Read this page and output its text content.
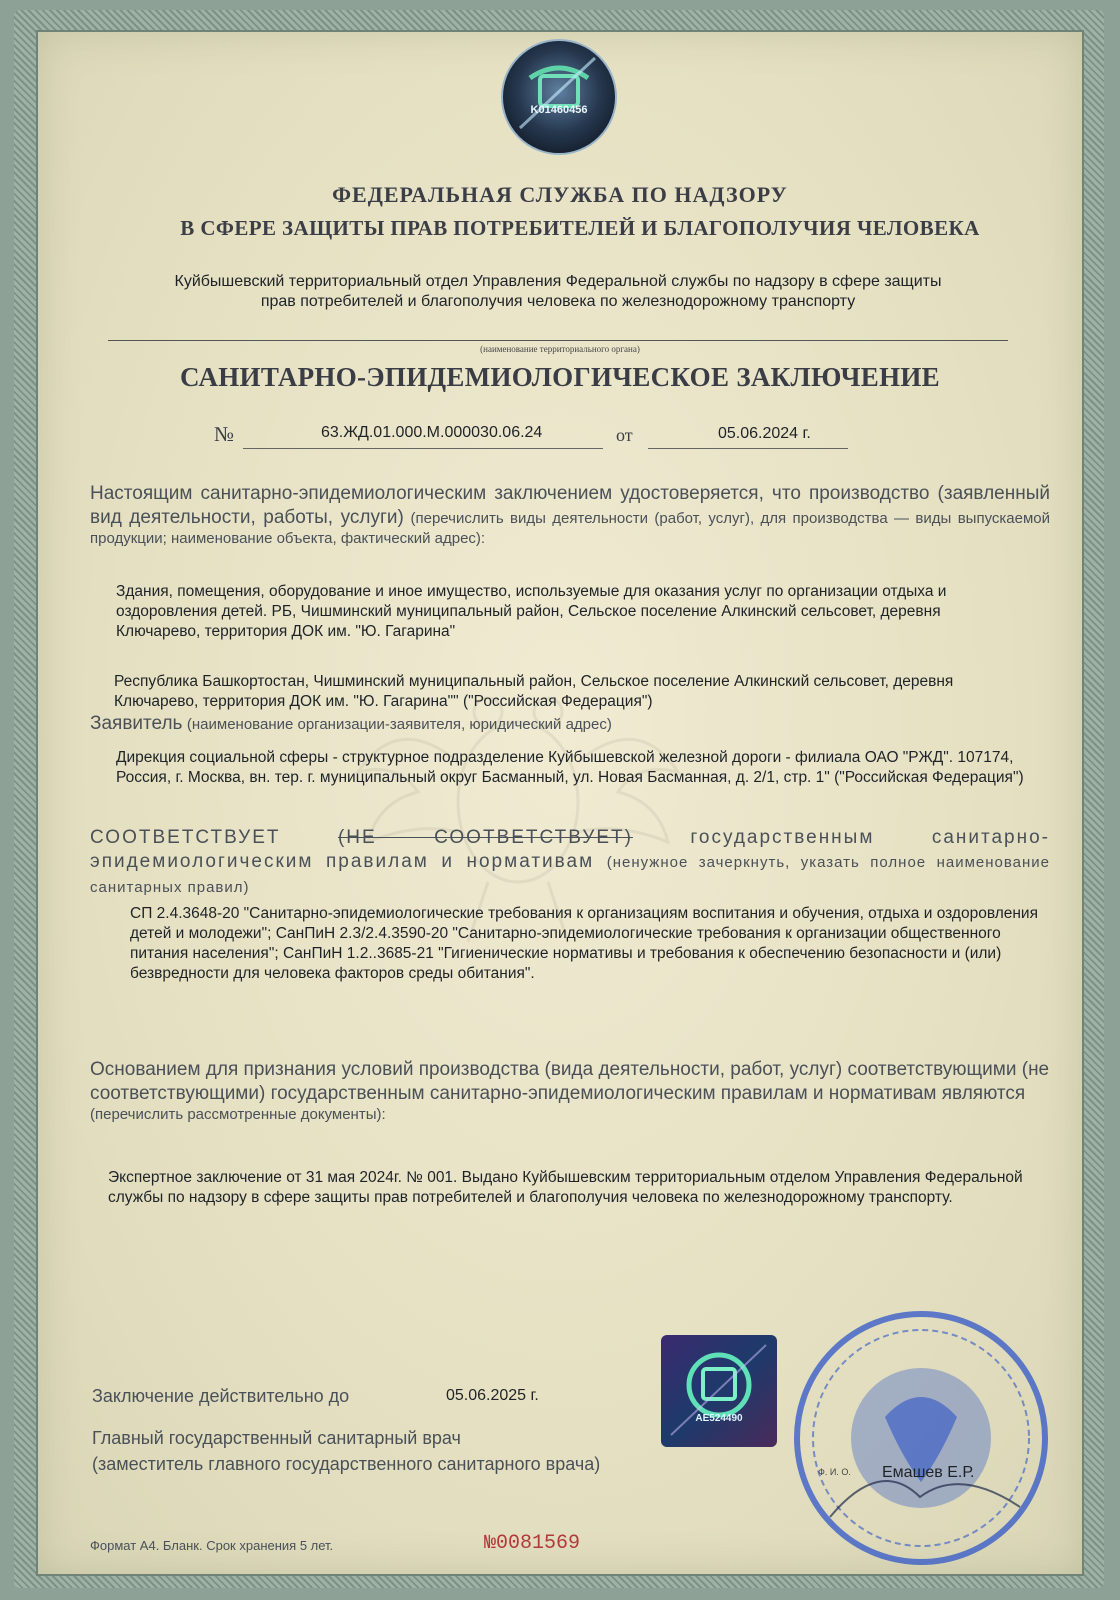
K01460456

ФЕДЕРАЛЬНАЯ СЛУЖБА ПО НАДЗОРУ

В СФЕРЕ ЗАЩИТЫ ПРАВ ПОТРЕБИТЕЛЕЙ И БЛАГОПОЛУЧИЯ ЧЕЛОВЕКА

Куйбышевский территориальный отдел Управления Федеральной службы по надзору в сфере защиты
прав потребителей и благополучия человека по железнодорожному транспорту

(наименование территориального органа)

САНИТАРНО-ЭПИДЕМИОЛОГИЧЕСКОЕ ЗАКЛЮЧЕНИЕ

№	63.ЖД.01.000.М.000030.06.24	от	05.06.2024 г.

Настоящим санитарно-эпидемиологическим заключением удостоверяется, что производство (заявленный вид деятельности, работы, услуги) (перечислить виды деятельности (работ, услуг), для производства — виды выпускаемой продукции; наименование объекта, фактический адрес):

Здания, помещения, оборудование и иное имущество, используемые для оказания услуг по организации отдыха и оздоровления детей. РБ, Чишминский муниципальный район, Сельское поселение Алкинский сельсовет, деревня Ключарево, территория ДОК им. "Ю. Гагарина"

Республика Башкортостан, Чишминский муниципальный район, Сельское поселение Алкинский сельсовет, деревня Ключарево, территория ДОК им. "Ю. Гагарина"" ("Российская Федерация")

Заявитель (наименование организации-заявителя, юридический адрес)

Дирекция социальной сферы - структурное подразделение Куйбышевской железной дороги - филиала ОАО "РЖД". 107174, Россия, г. Москва, вн. тер. г. муниципальный округ Басманный, ул. Новая Басманная, д. 2/1, стр. 1" ("Российская Федерация")

СООТВЕТСТВУЕТ	(НЕ СООТВЕТСТВУЕТ)	государственным санитарно-эпидемиологическим правилам и нормативам (ненужное зачеркнуть, указать полное наименование санитарных правил)

СП 2.4.3648-20 "Санитарно-эпидемиологические требования к организациям воспитания и обучения, отдыха и оздоровления детей и молодежи"; СанПиН 2.3/2.4.3590-20 "Санитарно-эпидемиологические требования к организации общественного питания населения"; СанПиН 1.2..3685-21 "Гигиенические нормативы и требования к обеспечению безопасности и (или) безвредности для человека факторов среды обитания".

Основанием для признания условий производства (вида деятельности, работ, услуг) соответствующими (не соответствующими) государственным санитарно-эпидемиологическим правилам и нормативам являются (перечислить рассмотренные документы):

Экспертное заключение от 31 мая 2024г. № 001. Выдано Куйбышевским территориальным отделом Управления Федеральной службы по надзору в сфере защиты прав потребителей и благополучия человека по железнодорожному транспорту.

AE524490

Заключение действительно до	05.06.2025 г.

Главный государственный санитарный врач

(заместитель главного государственного санитарного врача)	Ф. И. О. Емашев Е.Р.

Формат А4. Бланк. Срок хранения 5 лет.	№0081569
